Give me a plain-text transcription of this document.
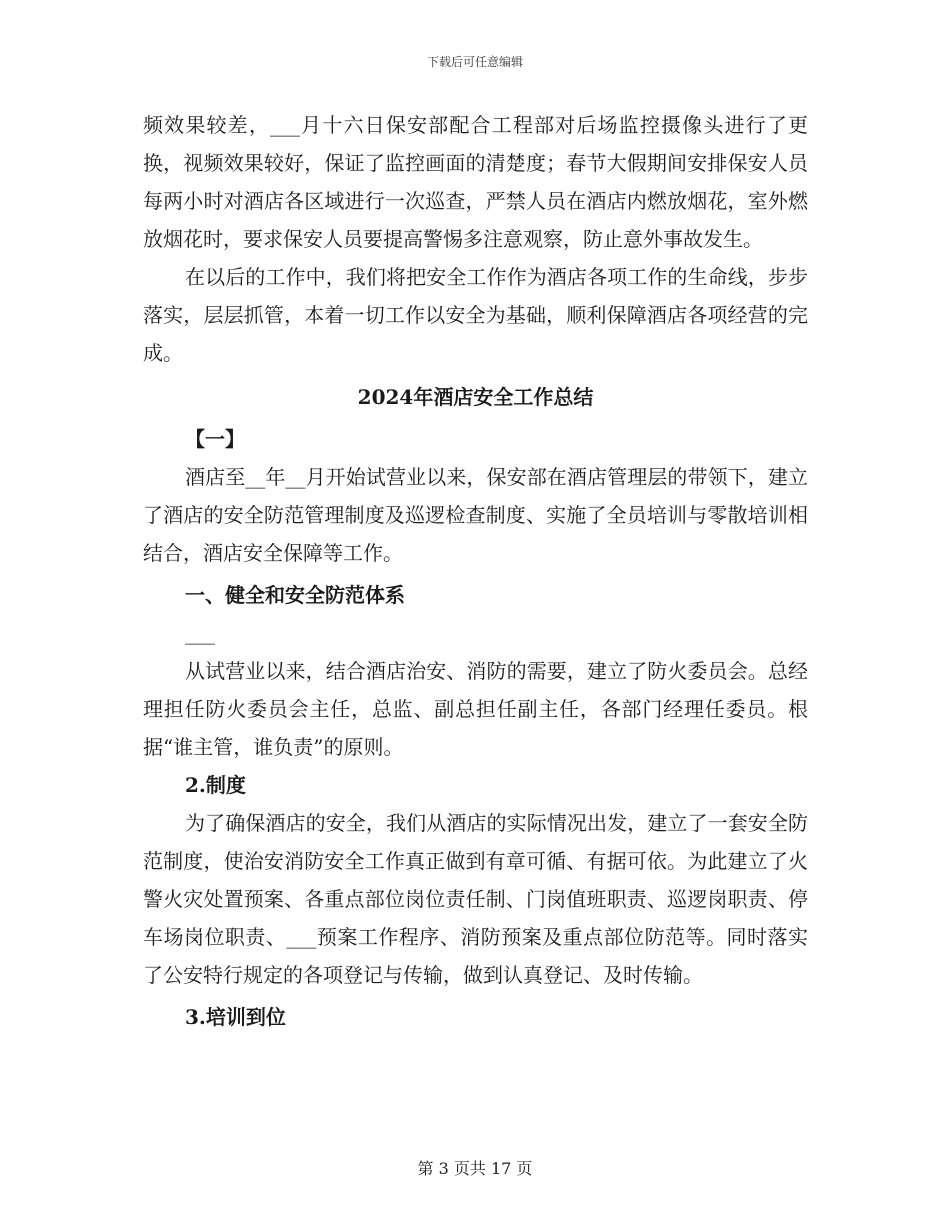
下载后可任意编辑

频效果较差，___月十六日保安部配合工程部对后场监控摄像头进行了更换，视频效果较好，保证了监控画面的清楚度；春节大假期间安排保安人员每两小时对酒店各区域进行一次巡查，严禁人员在酒店内燃放烟花，室外燃放烟花时，要求保安人员要提高警惕多注意观察，防止意外事故发生。

在以后的工作中，我们将把安全工作作为酒店各项工作的生命线，步步落实，层层抓管，本着一切工作以安全为基础，顺利保障酒店各项经营的完成。

2024年酒店安全工作总结
【一】

酒店至__年__月开始试营业以来，保安部在酒店管理层的带领下，建立了酒店的安全防范管理制度及巡逻检查制度、实施了全员培训与零散培训相结合，酒店安全保障等工作。

一、健全和安全防范体系
___

从试营业以来，结合酒店治安、消防的需要，建立了防火委员会。总经理担任防火委员会主任，总监、副总担任副主任，各部门经理任委员。根据“谁主管，谁负责”的原则。

2.制度

为了确保酒店的安全，我们从酒店的实际情况出发，建立了一套安全防范制度，使治安消防安全工作真正做到有章可循、有据可依。为此建立了火警火灾处置预案、各重点部位岗位责任制、门岗值班职责、巡逻岗职责、停车场岗位职责、___预案工作程序、消防预案及重点部位防范等。同时落实了公安特行规定的各项登记与传输，做到认真登记、及时传输。

3.培训到位
第 3 页共 17 页
